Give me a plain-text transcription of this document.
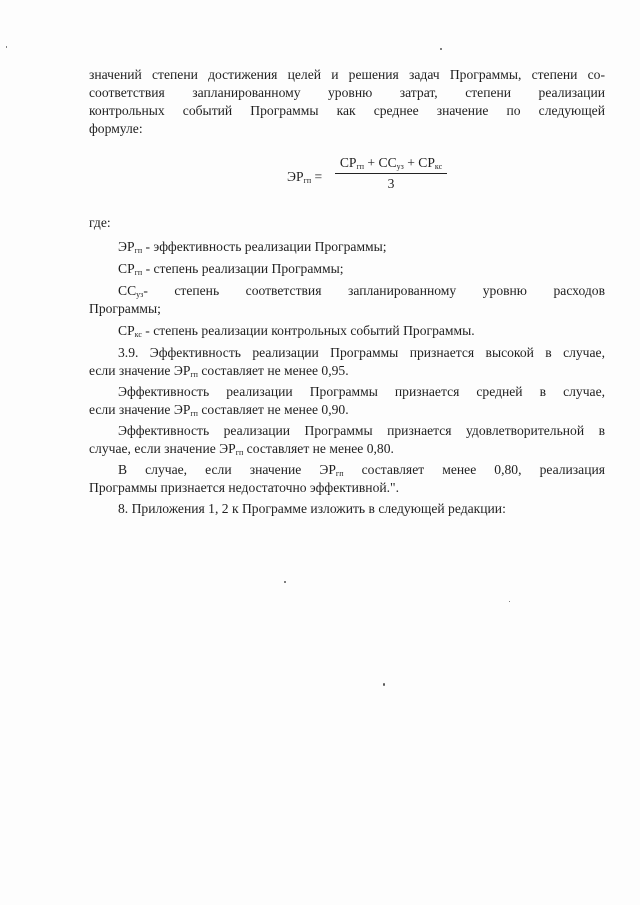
значений степени достижения целей и решения задач Программы, степени со-

соответствия запланированному уровню затрат, степени реализации

контрольных событий Программы как среднее значение по следующей

формуле:

$ЭР_{гп}$ =
$СР_{гп} + СС_{уз} + СР_{кс}$
3

где:

$ЭР_{гп}$ - эффективность реализации Программы;

$СР_{гп}$ - степень реализации Программы;

$СС_{уз}-$ степень соответствия запланированному уровню расходов

Программы;

$СР_{кс}$ - степень реализации контрольных событий Программы.

3.9. Эффективность реализации Программы признается высокой в случае,

если значение $ЭР_{гп}$ составляет не менее 0,95.

Эффективность реализации Программы признается средней в случае,

если значение $ЭР_{гп}$ составляет не менее 0,90.

Эффективность реализации Программы признается удовлетворительной в

случае, если значение $ЭР_{гп}$ составляет не менее 0,80.

В случае, если значение $ЭР_{гп}$ составляет менее 0,80, реализация

Программы признается недостаточно эффективной.".

8. Приложения 1, 2 к Программе изложить в следующей редакции:
